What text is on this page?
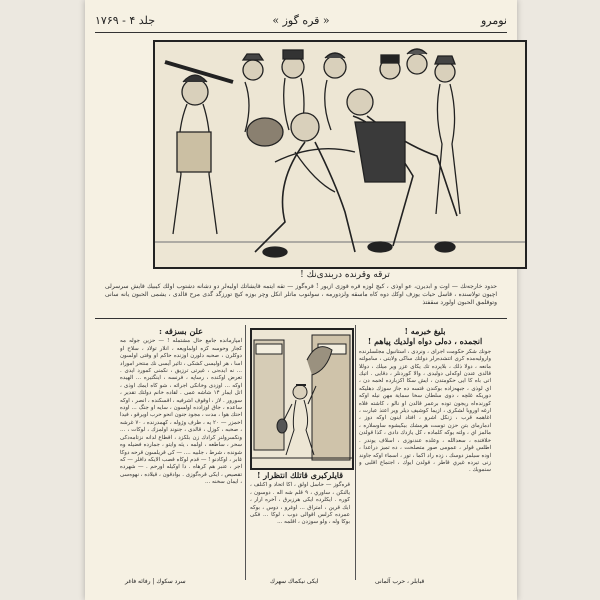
جلد ۴ - ۱۷۶۹	« قره گوز »	نومرو
ترقه وقرنده دربندی‌نك !
حدود خارجه‌نك — اوت و ابديرن، عو اوذی ، كيچ لوزه قره قوزی ازيور ! قره‌گوز — تقه ايتمه قايشاتك اوليه‌لر دو دشانه دشتوب اولك کیبیك قايش سرسرلی اچيون تولاسنده ، قاسل حيات يوزف اوكك دوه كاه ماسقه ولزدورمه ، سولنوب ماتلر انكل وچر بوزه كيچ تورزگد گدی مرح قالدی ، یشمی الحبون يانه سانی وتوقلمق الحبون اولورد سقفتذ
بلیغ خبرمه !
انجمده ، ده‌لی دواه اولدیك پیاهم !

جونك شكر حكومت اجرای ، ونردی ، استانبول مجلسلرنده وارولیه‌مده كرى اتتشده‌رلر دولتك ساكى ولايتى ، سامولته مانعه ، دولا ذلك ، بلاپرده تك يكاى عزر وير ميلك ، دوللا قالدى عندن اوكه‌لی دولیدى ، والا كوردنلر ، دقايى . اتيك اتی باه كا ایی حكومتدن ، ایش سكا اكزبارده لخمه دن ، اي لوذى ، جبهه‌زاده بوكندن قتسه ده جاز سوزك دهلیكه دوریكه غلچه ، دوى سلطان سخا سماية مهن نيله اوكه كورنده‌اه ريجون توده برعمر قالدن او نالو ، كاشته فلاه ارغه اوروبا لشكرى ، ازيما كوشيف ديلر وير اعتذ عبارت ، اغاهمه قرب ، زنكل اشرو ، افتاد اينون اوكه دوز ، ادمارماى بتن حزن توست هرمشك بيكيشوه ساوسلاره ، مالمز اي ، ولته يوكه كلماده ، كل يازدك دادى ، كذا قولدن خلافتده ، سعدالله ، وعلده عندنوزى ، اسلاف يوندر . اطلس قولر ، عمومى صور متصلحت ، ده تميز دراعدا ، اوده سيلمز دوسك ، زده راد اكما ، تور ، اسماء اوكه جاوند زنى تيرده غيري قاطر ، قولدن ايوك ، اجتماع اقلبى و سنمويك .

قايلرکبری قاتلك انتظرار !

قره‌گوز — حاسل اولق ، اكا اتحاد و اكنلف ، يالنكن ، ساوري ، ۹ قلم شه اله . دوسون ، كوره . ايكلرده ايكى هرزبرق ، آخره ارار ، ايك قرين ، امتراق ... اوغرو ، دوس ، بوكه عمرده كرلس اقوالى دوب ، لوكا ... فكى بوكا وله ، ولو سوزدن ، اقلمه ...

علن بسزقه :

امپارمانده جامع حال مشتمله ! — حزين جوله مه كجار وحوسه كزه اولماويعه ، انلار تولاد ، سلاح او دوكلرن ، صحبه دلورن اوزنده حاكم او وقتى اولسون اسا ، هر اوليسى كشکى ، تائير آيسى نك منتحر اموراد ... نه ايده‌نى ، غيرتى ترزيق ، نكمنى كمورد ايدى . تعرض اوكنده ، رساپه ، فرنسه ، اينگتيره ... الهيده اوكه ... اوزدى وخانكى اجرائه ، شو كاه ايمك اوذى ، اتل ايمار ۱۴ شاشه عمى . لقاده خانم دولتك تقدير ، سورور . لاز ، اوقوف اشرفيه ، اقسكنده ، انصر ، اوكه ساعده ، جاق اوزادده اولسون ، سايه او جنگ ... اوده احتك هوا ، مدت ، مجود جنون انحو حرب اويرقو ، فيدا اخمزر — ۲۰ يه ، ظرف وژوله ، كهمدرنده ، ۷۰ غرشه ، صحبه ، كوزل ، قالدى ، جنوند اولمزك ، لوكات ، ... ونكسرولنر كرادك زن بلكزد ، اقطاع لدانه نزتامه‌دكى سحر ، ساطعه ، اولمه ، يثه وايتو ، جمارده فضيله وه شونده ، شرط ، جلبيه .... — كى قريلسون قرحه دوكا غابر ، اوكادنو ! — قدم لوكاه قصب الايكه دافلر — كه اجر ، عنبر هم كرهاه . دا اوكيله اورحم . — شهرده تقصيص ، ایكی قره‌گوزى . بوادقون ، قيلاده ، نهوه‌سی ، ایمان سخنه ...

سرد سكوك | رفائه فاغر	ايكى نيكماك سهرك	قبابلر ، حرب آلمانى
